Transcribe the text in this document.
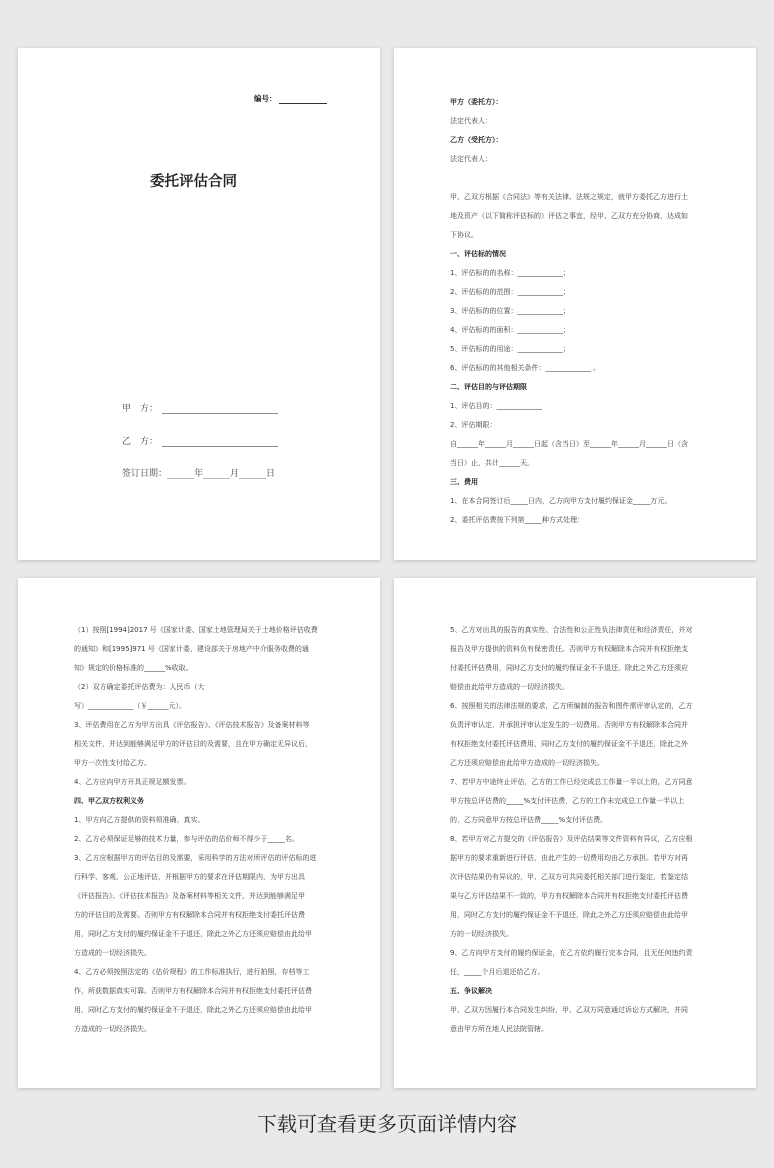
编号：
委托评估合同
甲　方：
乙　方：
签订日期：______年______月______日
甲方（委托方）：
法定代表人：
乙方（受托方）：
法定代表人：
甲、乙双方根据《合同法》等有关法律、法规之规定，就甲方委托乙方进行土
地及资产（以下简称评估标的）评估之事宜，经甲、乙双方充分协商，达成如
下协议。
一、评估标的情况
1、评估标的的名称：_____________；
2、评估标的的范围：_____________；
3、评估标的的位置：_____________；
4、评估标的的面积：_____________；
5、评估标的的用途：_____________；
6、评估标的的其他相关条件：_____________ 。
二、评估目的与评估期限
1、评估目的：_____________
2、评估期限：
自______年______月______日起（含当日）至______年______月______日（含
当日）止，共计______天。
三、费用
1、在本合同签订后_____日内，乙方向甲方支付履约保证金_____万元。
2、委托评估费按下列第_____种方式处理：
（1）按照[1994]2017 号《国家计委、国家土地管理局关于土地价格评估收费
的通知》和[1995]971 号《国家计委、建设部关于房地产中介服务收费的通
知》规定的价格标准的______%收取。
（2）双方确定委托评估费为：人民币（大
写）_____________（￥______元）。
3、评估费用在乙方为甲方出具《评估报告》、《评估技术报告》及备案材料等
相关文件，并达到能够满足甲方的评估目的及需要，且在甲方确定无异议后，
甲方一次性支付给乙方。
4、乙方应向甲方开具正规足额发票。
四、甲乙双方权利义务
1、甲方向乙方提供的资料须准确、真实。
2、乙方必须保证足够的技术力量，参与评估的估价师不得少于_____名。
3、乙方应根据甲方的评估目的及需要，采用科学的方法对所评估的评估标的进
行科学、客观、公正地评估，并根据甲方的要求在评估期限内，为甲方出具
《评估报告》、《评估技术报告》及备案材料等相关文件，并达到能够满足甲
方的评估目的及需要。否则甲方有权解除本合同并有权拒绝支付委托评估费
用，同时乙方支付的履约保证金不予退还，除此之外乙方还须应赔偿由此给甲
方造成的一切经济损失。
4、乙方必须按照法定的《估价规程》的工作标准执行，进行拍照，存档等工
作，所获数据真实可靠。否则甲方有权解除本合同并有权拒绝支付委托评估费
用，同时乙方支付的履约保证金不予退还，除此之外乙方还须应赔偿由此给甲
方造成的一切经济损失。
5、乙方对出具的报告的真实性、合法性和公正性负法律责任和经济责任，并对
报告及甲方提供的资料负有保密责任。否则甲方有权解除本合同并有权拒绝支
付委托评估费用，同时乙方支付的履约保证金不予退还，除此之外乙方还须应
赔偿由此给甲方造成的一切经济损失。
6、按照相关的法律法规的要求，乙方所编制的报告和图件需评审认定的，乙方
负责评审认定，并承担评审认定发生的一切费用。否则甲方有权解除本合同并
有权拒绝支付委托评估费用，同时乙方支付的履约保证金不予退还，除此之外
乙方还须应赔偿由此给甲方造成的一切经济损失。
7、若甲方中途终止评估，乙方的工作已经完成总工作量一半以上的，乙方同意
甲方按总评估费的_____%支付评估费，乙方的工作未完成总工作量一半以上
的，乙方同意甲方按总评估费_____%支付评估费。
8、若甲方对乙方提交的《评估报告》及评估结果等文件资料有异议，乙方应根
据甲方的要求重新进行评估，由此产生的一切费用均由乙方承担。若甲方对再
次评估结果仍有异议的，甲、乙双方可共同委托相关部门进行鉴定，若鉴定结
果与乙方评估结果不一致的，甲方有权解除本合同并有权拒绝支付委托评估费
用，同时乙方支付的履约保证金不予退还，除此之外乙方还须应赔偿由此给甲
方的一切经济损失。
9、乙方向甲方支付的履约保证金，在乙方依约履行完本合同，且无任何违约责
任，_____个月后退还给乙方。
五、争议解决
甲、乙双方因履行本合同发生纠纷，甲、乙双方同意通过诉讼方式解决，并同
意由甲方所在地人民法院管辖。
下载可查看更多页面详情内容
